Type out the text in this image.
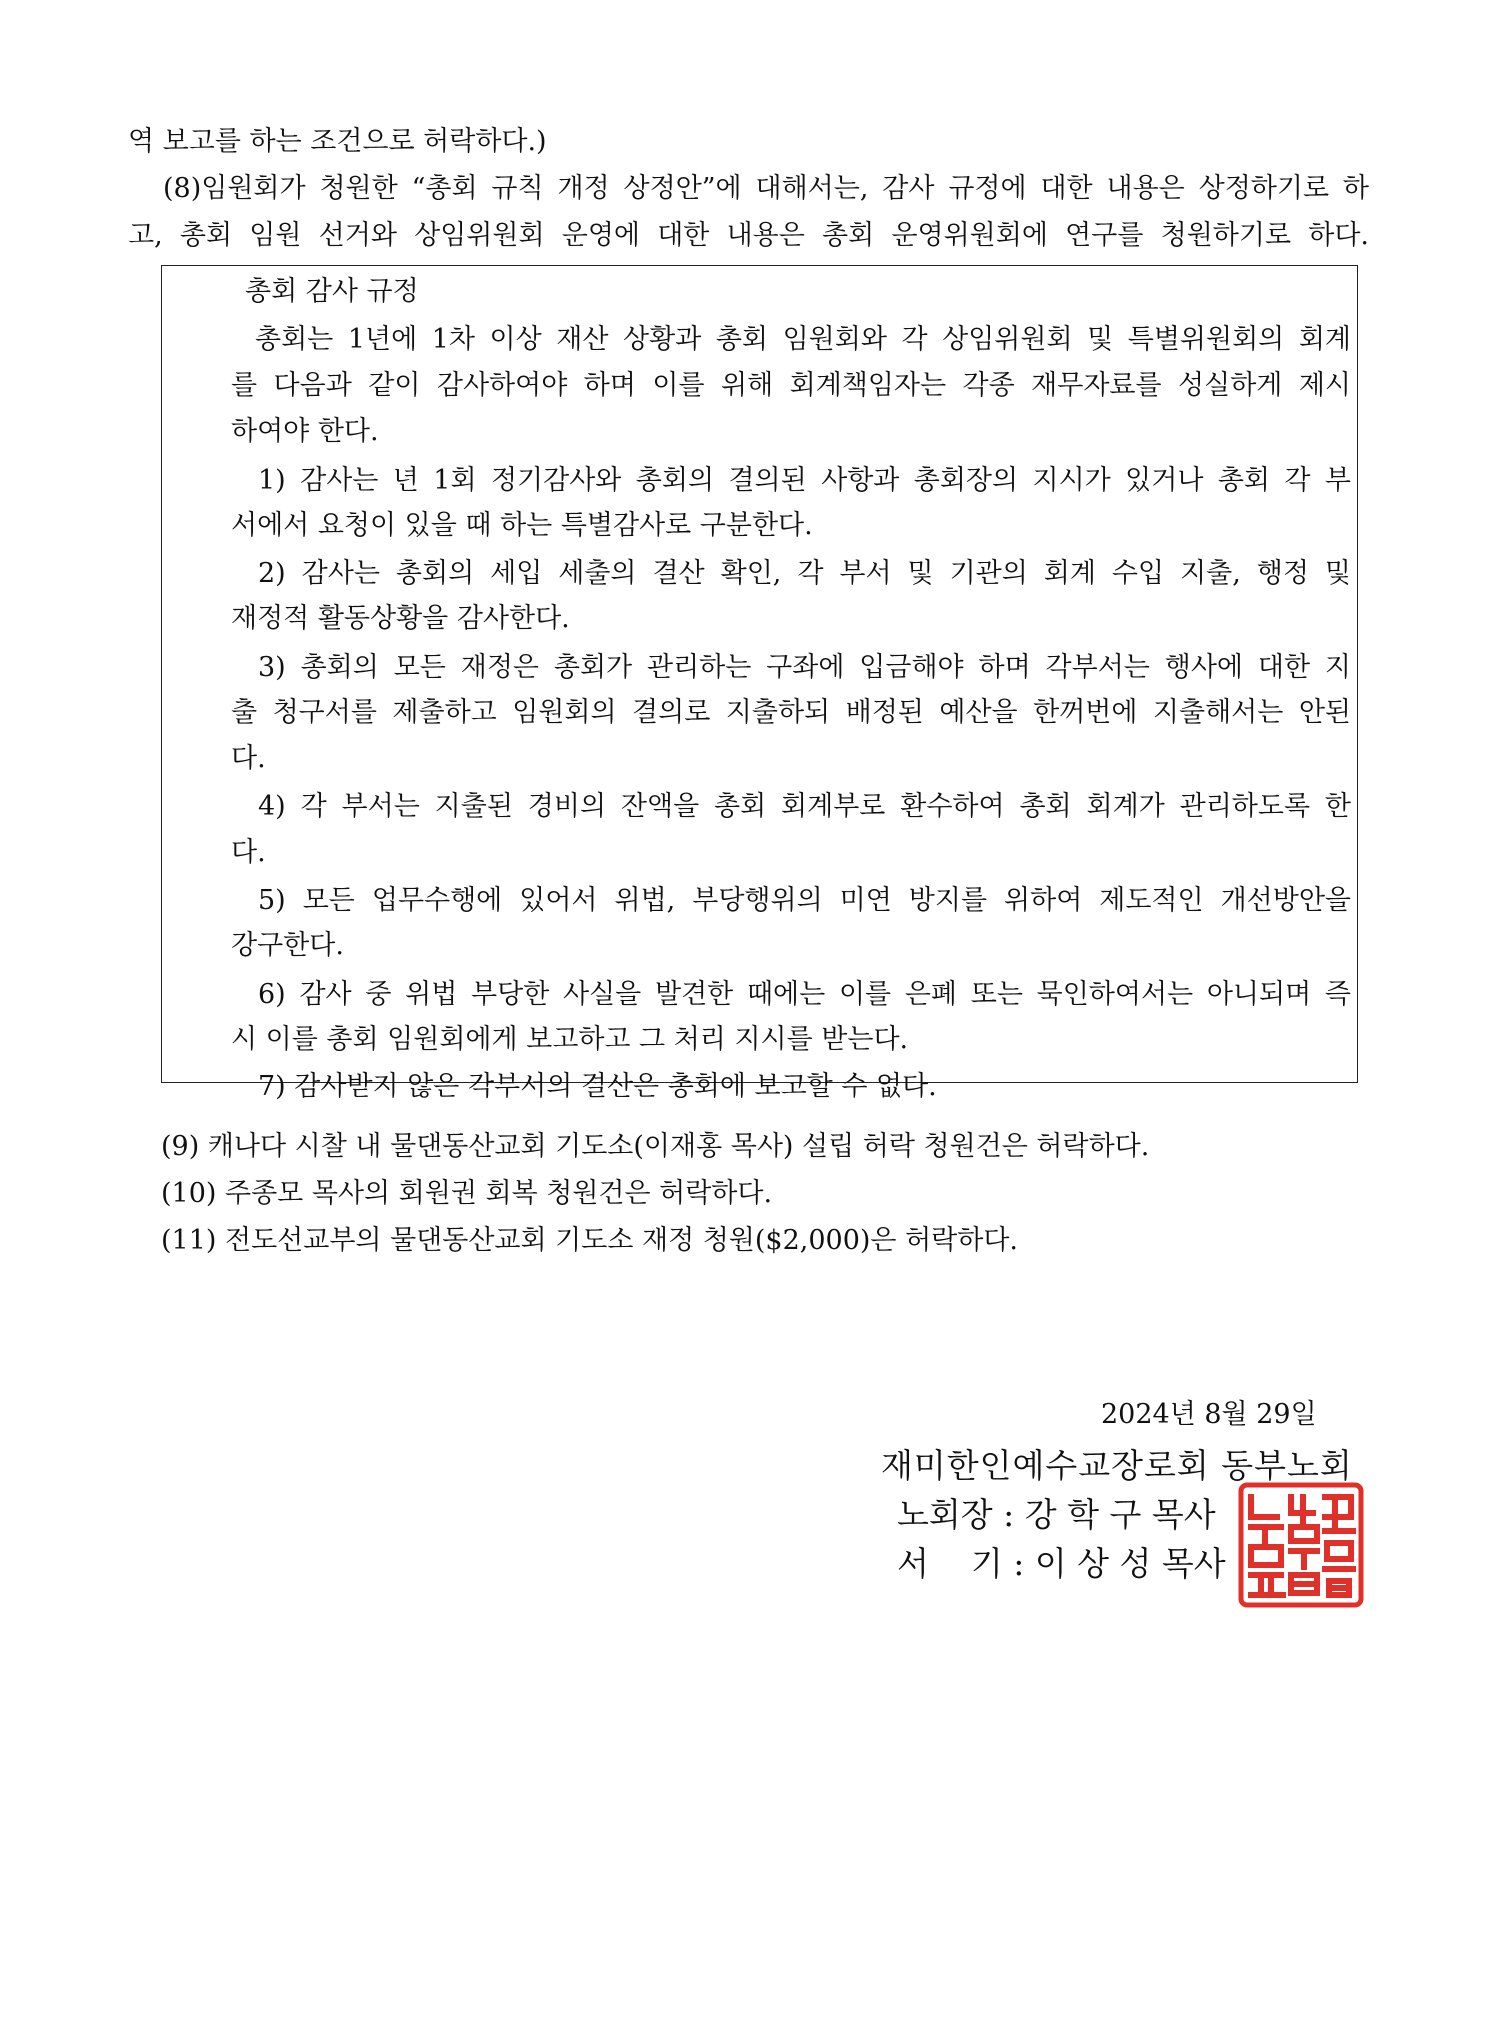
역 보고를 하는 조건으로 허락하다.)
(8)임원회가 청원한 “총회 규칙 개정 상정안”에 대해서는, 감사 규정에 대한 내용은 상정하기로 하
고, 총회 임원 선거와 상임위원회 운영에 대한 내용은 총회 운영위원회에 연구를 청원하기로 하다.
총회 감사 규정
총회는 1년에 1차 이상 재산 상황과 총회 임원회와 각 상임위원회 및 특별위원회의 회계
를 다음과 같이 감사하여야 하며 이를 위해 회계책임자는 각종 재무자료를 성실하게 제시
하여야 한다.
1) 감사는 년 1회 정기감사와 총회의 결의된 사항과 총회장의 지시가 있거나 총회 각 부
서에서 요청이 있을 때 하는 특별감사로 구분한다.
2) 감사는 총회의 세입 세출의 결산 확인, 각 부서 및 기관의 회계 수입 지출, 행정 및
재정적 활동상황을 감사한다.
3) 총회의 모든 재정은 총회가 관리하는 구좌에 입금해야 하며 각부서는 행사에 대한 지
출 청구서를 제출하고 임원회의 결의로 지출하되 배정된 예산을 한꺼번에 지출해서는 안된
다.
4) 각 부서는 지출된 경비의 잔액을 총회 회계부로 환수하여 총회 회계가 관리하도록 한
다.
5) 모든 업무수행에 있어서 위법, 부당행위의 미연 방지를 위하여 제도적인 개선방안을
강구한다.
6) 감사 중 위법 부당한 사실을 발견한 때에는 이를 은폐 또는 묵인하여서는 아니되며 즉
시 이를 총회 임원회에게 보고하고 그 처리 지시를 받는다.
7) 감사받지 않은 각부서의 결산은 총회에 보고할 수 없다.
(9) 캐나다 시찰 내 물댄동산교회 기도소(이재홍 목사) 설립 허락 청원건은 허락하다.
(10) 주종모 목사의 회원권 회복 청원건은 허락하다.
(11) 전도선교부의 물댄동산교회 기도소 재정 청원($2,000)은 허락하다.
2024년 8월 29일
재미한인예수교장로회 동부노회
노회장 : 강 학 구 목사
서    기 : 이 상 성 목사
